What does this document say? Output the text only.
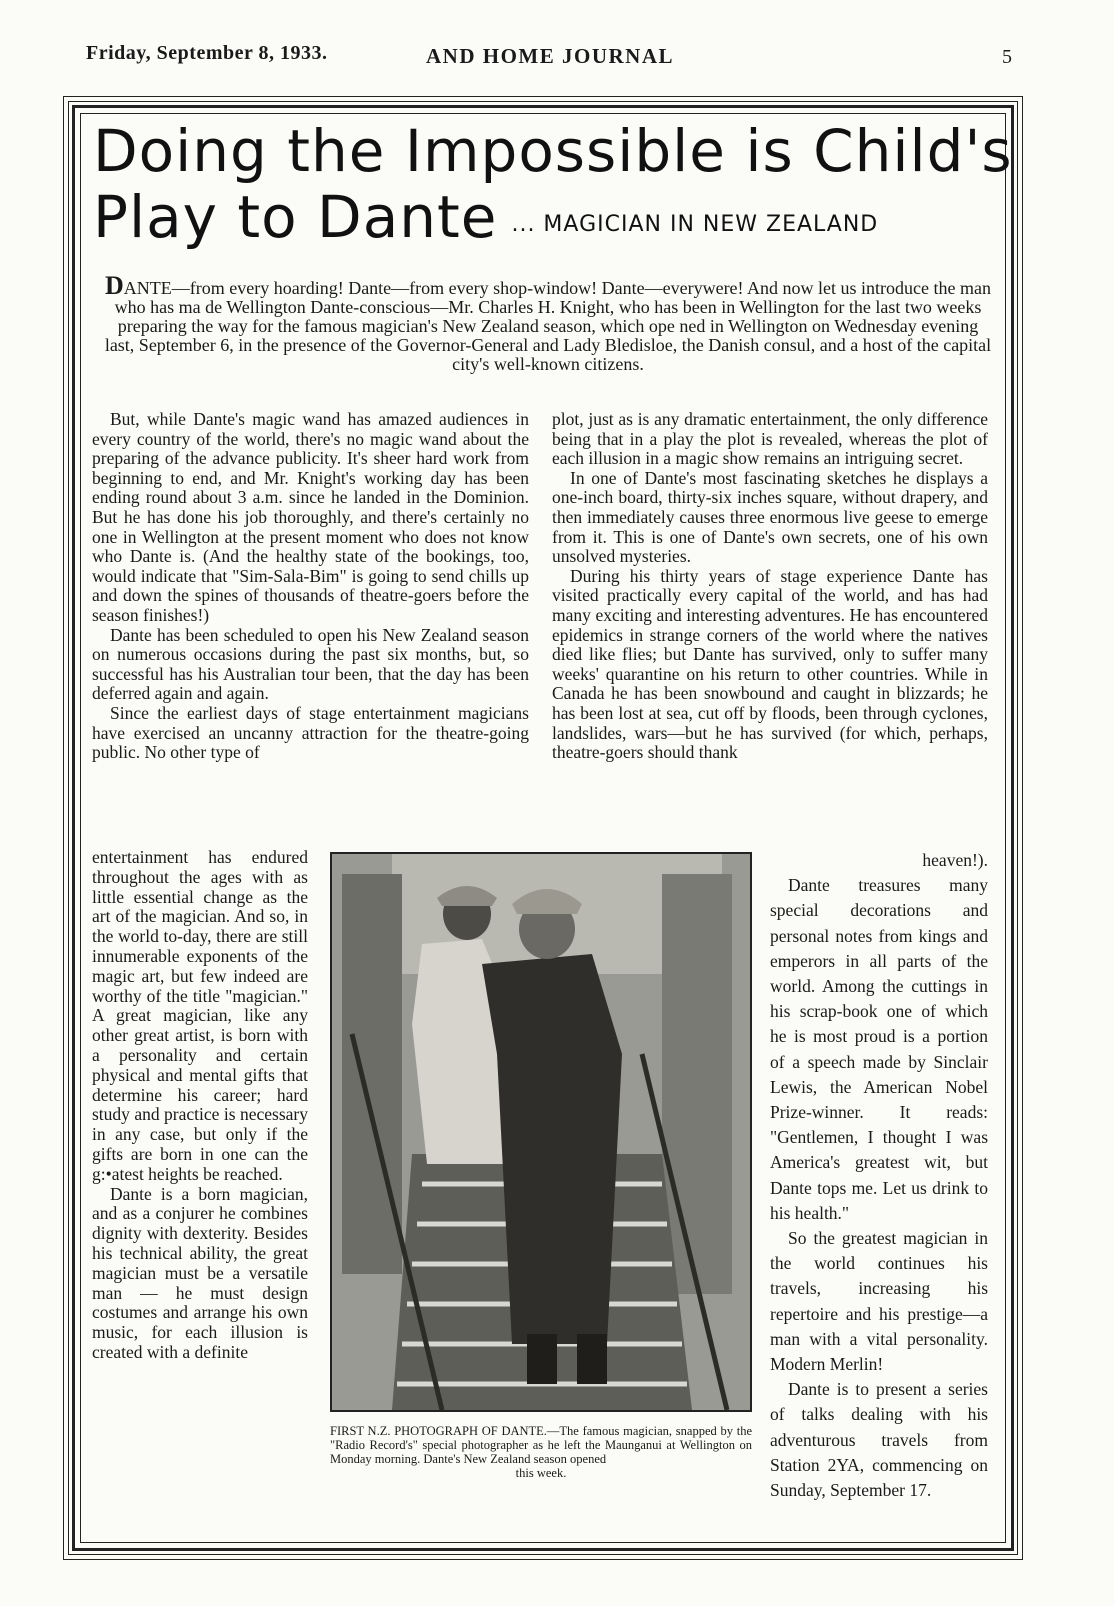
Friday, September 8, 1933.	AND HOME JOURNAL	5
Doing the Impossible is Child's
Play to Dante $^{... MAGICIAN IN NEW ZEALAND}$
DANTE—from every hoarding! Dante—from every shop-window! Dante—everywere! And now let us introduce the man who has ma de Wellington Dante-conscious—Mr. Charles H. Knight, who has been in Wellington for the last two weeks preparing the way for the famous magician's New Zealand season, which ope ned in Wellington on Wednesday evening last, September 6, in the presence of the Governor-General and Lady Bledisloe, the Danish consul, and a host of the capital city's well-known citizens.

But, while Dante's magic wand has amazed audiences in every country of the world, there's no magic wand about the preparing of the advance publicity. It's sheer hard work from beginning to end, and Mr. Knight's working day has been ending round about 3 a.m. since he landed in the Dominion. But he has done his job thoroughly, and there's certainly no one in Wellington at the present moment who does not know who Dante is. (And the healthy state of the bookings, too, would indicate that "Sim-Sala-Bim" is going to send chills up and down the spines of thousands of theatre-goers before the season finishes!)

Dante has been scheduled to open his New Zealand season on numerous occasions during the past six months, but, so successful has his Australian tour been, that the day has been deferred again and again.

Since the earliest days of stage entertainment magicians have exercised an uncanny attraction for the theatre-going public. No other type of

entertainment has endured throughout the ages with as little essential change as the art of the magician. And so, in the world to-day, there are still innumerable exponents of the magic art, but few indeed are worthy of the title "magician." A great magician, like any other great artist, is born with a personality and certain physical and mental gifts that determine his career; hard study and practice is necessary in any case, but only if the gifts are born in one can the g:•atest heights be reached.

Dante is a born magician, and as a conjurer he combines dignity with dexterity. Besides his technical ability, the great magician must be a versatile man — he must design costumes and arrange his own music, for each illusion is created with a definite

plot, just as is any dramatic entertainment, the only difference being that in a play the plot is revealed, whereas the plot of each illusion in a magic show remains an intriguing secret.

In one of Dante's most fascinating sketches he displays a one-inch board, thirty-six inches square, without drapery, and then immediately causes three enormous live geese to emerge from it. This is one of Dante's own secrets, one of his own unsolved mysteries.

During his thirty years of stage experience Dante has visited practically every capital of the world, and has had many exciting and interesting adventures. He has encountered epidemics in strange corners of the world where the natives died like flies; but Dante has survived, only to suffer many weeks' quarantine on his return to other countries. While in Canada he has been snowbound and caught in blizzards; he has been lost at sea, cut off by floods, been through cyclones, landslides, wars—but he has survived (for which, perhaps, theatre-goers should thank

heaven!).

Dante treasures many special decorations and personal notes from kings and emperors in all parts of the world. Among the cuttings in his scrap-book one of which he is most proud is a portion of a speech made by Sinclair Lewis, the American Nobel Prize-winner. It reads: "Gentlemen, I thought I was America's greatest wit, but Dante tops me. Let us drink to his health."

So the greatest magician in the world continues his travels, increasing his repertoire and his prestige—a man with a vital personality. Modern Merlin!

Dante is to present a series of talks dealing with his adventurous travels from Station 2YA, commencing on Sunday, September 17.

FIRST N.Z. PHOTOGRAPH OF DANTE.—The famous magician, snapped by the "Radio Record's" special photographer as he left the Maunganui at Wellington on Monday morning. Dante's New Zealand season opened
this week.
